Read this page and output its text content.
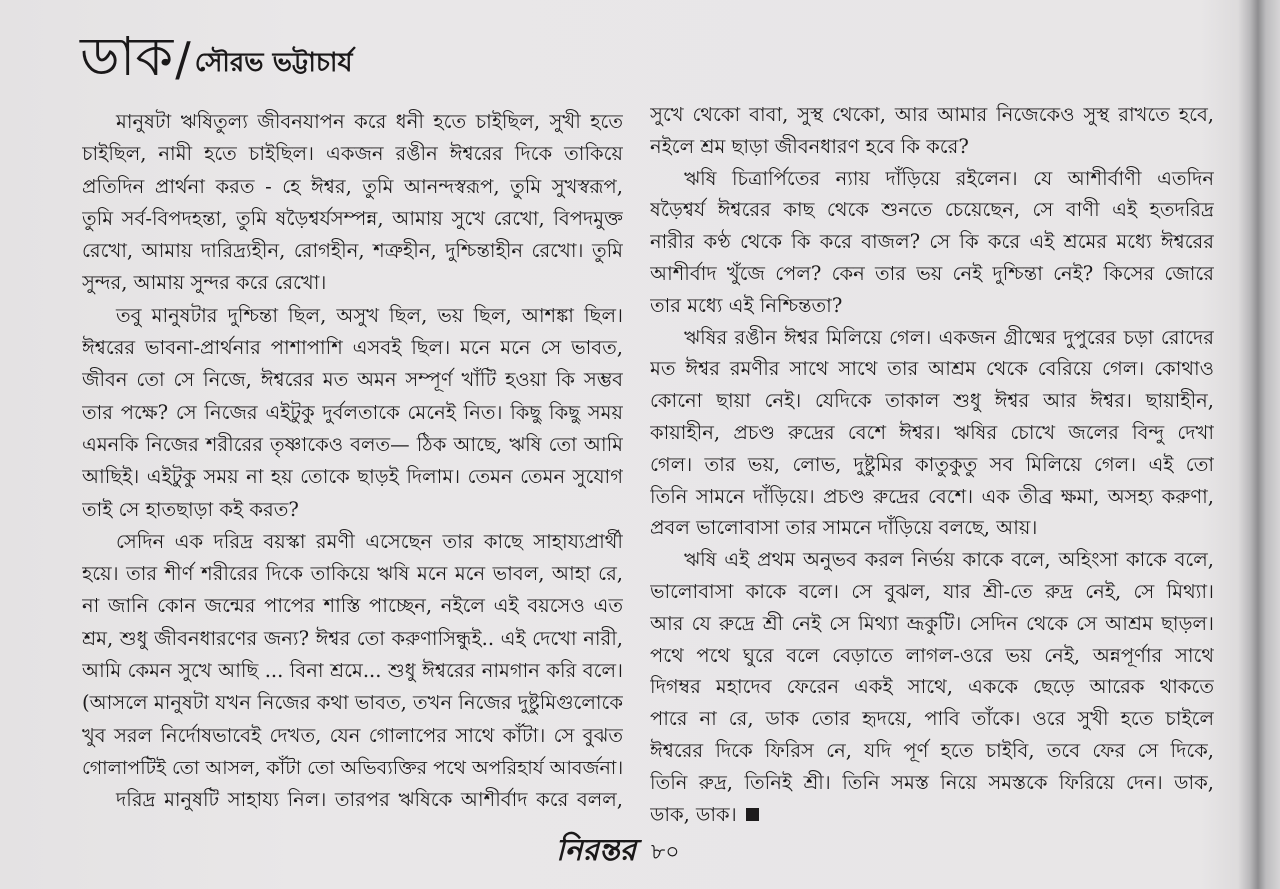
ডাক/ সৌরভ ভট্টাচার্য
মানুষটা ঋষিতুল্য জীবনযাপন করে ধনী হতে চাইছিল, সুখী হতে
চাইছিল, নামী হতে চাইছিল। একজন রঙীন ঈশ্বরের দিকে তাকিয়ে
প্রতিদিন প্রার্থনা করত - হে ঈশ্বর, তুমি আনন্দস্বরূপ, তুমি সুখস্বরূপ,
তুমি সর্ব-বিপদহন্তা, তুমি ষড়ৈশ্বর্যসম্পন্ন, আমায় সুখে রেখো, বিপদমুক্ত
রেখো, আমায় দারিদ্র্যহীন, রোগহীন, শত্রুহীন, দুশ্চিন্তাহীন রেখো। তুমি
সুন্দর, আমায় সুন্দর করে রেখো।
তবু মানুষটার দুশ্চিন্তা ছিল, অসুখ ছিল, ভয় ছিল, আশঙ্কা ছিল।
ঈশ্বরের ভাবনা-প্রার্থনার পাশাপাশি এসবই ছিল। মনে মনে সে ভাবত,
জীবন তো সে নিজে, ঈশ্বরের মত অমন সম্পূর্ণ খাঁটি হওয়া কি সম্ভব
তার পক্ষে? সে নিজের এইটুকু দুর্বলতাকে মেনেই নিত। কিছু কিছু সময়
এমনকি নিজের শরীরের তৃষ্ণাকেও বলত— ঠিক আছে, ঋষি তো আমি
আছিই। এইটুকু সময় না হয় তোকে ছাড়ই দিলাম। তেমন তেমন সুযোগ
তাই সে হাতছাড়া কই করত?
সেদিন এক দরিদ্র বয়স্কা রমণী এসেছেন তার কাছে সাহায্যপ্রার্থী
হয়ে। তার শীর্ণ শরীরের দিকে তাকিয়ে ঋষি মনে মনে ভাবল, আহা রে,
না জানি কোন জন্মের পাপের শাস্তি পাচ্ছেন, নইলে এই বয়সেও এত
শ্রম, শুধু জীবনধারণের জন্য? ঈশ্বর তো করুণাসিন্ধুই.. এই দেখো নারী,
আমি কেমন সুখে আছি ... বিনা শ্রমে... শুধু ঈশ্বরের নামগান করি বলে।
(আসলে মানুষটা যখন নিজের কথা ভাবত, তখন নিজের দুষ্টুমিগুলোকে
খুব সরল নির্দোষভাবেই দেখত, যেন গোলাপের সাথে কাঁটা। সে বুঝত
গোলাপটিই তো আসল, কাঁটা তো অভিব্যক্তির পথে অপরিহার্য আবর্জনা।
দরিদ্র মানুষটি সাহায্য নিল। তারপর ঋষিকে আশীর্বাদ করে বলল,
সুখে থেকো বাবা, সুস্থ থেকো, আর আমার নিজেকেও সুস্থ রাখতে হবে,
নইলে শ্রম ছাড়া জীবনধারণ হবে কি করে?
ঋষি চিত্রার্পিতের ন্যায় দাঁড়িয়ে রইলেন। যে আশীর্বাণী এতদিন
ষড়ৈশ্বর্য ঈশ্বরের কাছ থেকে শুনতে চেয়েছেন, সে বাণী এই হতদরিদ্র
নারীর কণ্ঠ থেকে কি করে বাজল? সে কি করে এই শ্রমের মধ্যে ঈশ্বরের
আশীর্বাদ খুঁজে পেল? কেন তার ভয় নেই দুশ্চিন্তা নেই? কিসের জোরে
তার মধ্যে এই নিশ্চিন্ততা?
ঋষির রঙীন ঈশ্বর মিলিয়ে গেল। একজন গ্রীষ্মের দুপুরের চড়া রোদের
মত ঈশ্বর রমণীর সাথে সাথে তার আশ্রম থেকে বেরিয়ে গেল। কোথাও
কোনো ছায়া নেই। যেদিকে তাকাল শুধু ঈশ্বর আর ঈশ্বর। ছায়াহীন,
কায়াহীন, প্রচণ্ড রুদ্রের বেশে ঈশ্বর। ঋষির চোখে জলের বিন্দু দেখা
গেল। তার ভয়, লোভ, দুষ্টুমির কাতুকুতু সব মিলিয়ে গেল। এই তো
তিনি সামনে দাঁড়িয়ে। প্রচণ্ড রুদ্রের বেশে। এক তীব্র ক্ষমা, অসহ্য করুণা,
প্রবল ভালোবাসা তার সামনে দাঁড়িয়ে বলছে, আয়।
ঋষি এই প্রথম অনুভব করল নির্ভয় কাকে বলে, অহিংসা কাকে বলে,
ভালোবাসা কাকে বলে। সে বুঝল, যার শ্রী-তে রুদ্র নেই, সে মিথ্যা।
আর যে রুদ্রে শ্রী নেই সে মিথ্যা ভ্রূকুটি। সেদিন থেকে সে আশ্রম ছাড়ল।
পথে পথে ঘুরে বলে বেড়াতে লাগল-ওরে ভয় নেই, অন্নপূর্ণার সাথে
দিগম্বর মহাদেব ফেরেন একই সাথে, এককে ছেড়ে আরেক থাকতে
পারে না রে, ডাক তোর হৃদয়ে, পাবি তাঁকে। ওরে সুখী হতে চাইলে
ঈশ্বরের দিকে ফিরিস নে, যদি পূর্ণ হতে চাইবি, তবে ফের সে দিকে,
তিনি রুদ্র, তিনিই শ্রী। তিনি সমস্ত নিয়ে সমস্তকে ফিরিয়ে দেন। ডাক,
ডাক, ডাক।
নিরন্তর ৮০
